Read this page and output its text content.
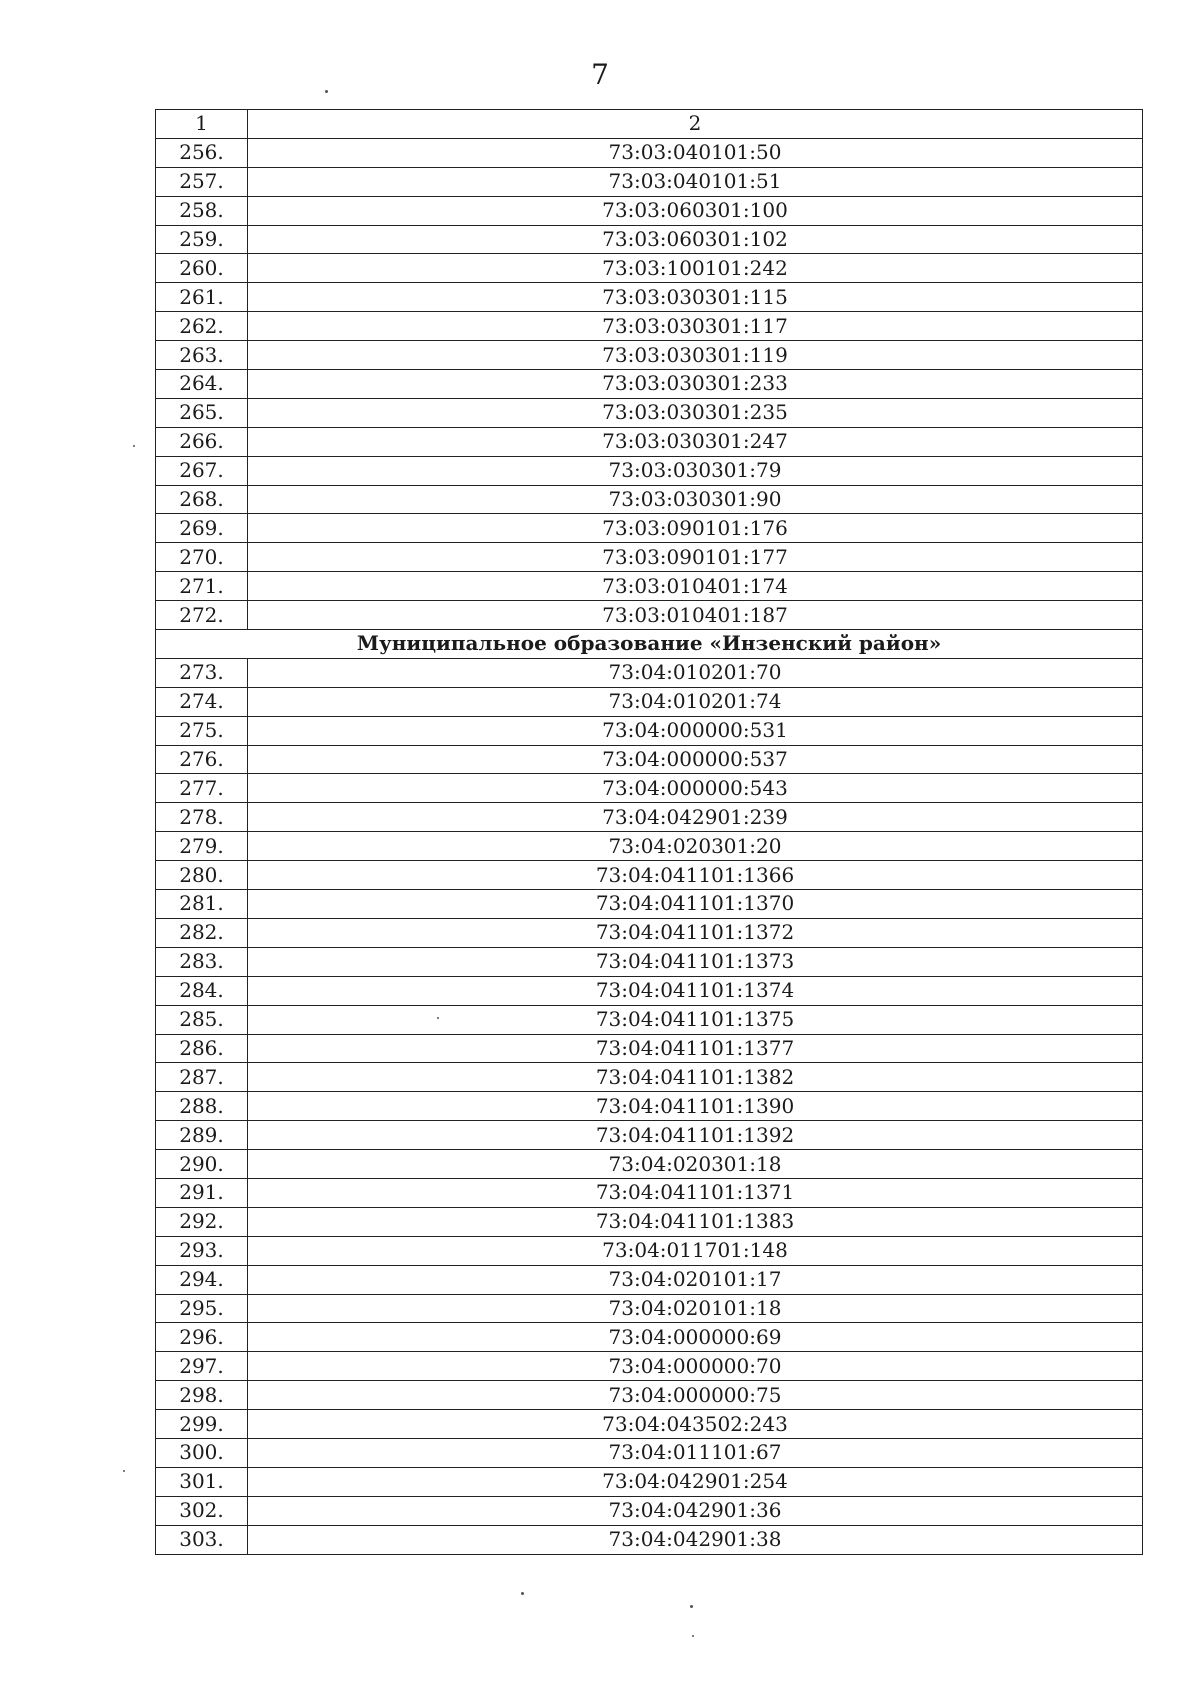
7
1	2
256.	73:03:040101:50
257.	73:03:040101:51
258.	73:03:060301:100
259.	73:03:060301:102
260.	73:03:100101:242
261.	73:03:030301:115
262.	73:03:030301:117
263.	73:03:030301:119
264.	73:03:030301:233
265.	73:03:030301:235
266.	73:03:030301:247
267.	73:03:030301:79
268.	73:03:030301:90
269.	73:03:090101:176
270.	73:03:090101:177
271.	73:03:010401:174
272.	73:03:010401:187
Муниципальное образование «Инзенский район»	
273.	73:04:010201:70
274.	73:04:010201:74
275.	73:04:000000:531
276.	73:04:000000:537
277.	73:04:000000:543
278.	73:04:042901:239
279.	73:04:020301:20
280.	73:04:041101:1366
281.	73:04:041101:1370
282.	73:04:041101:1372
283.	73:04:041101:1373
284.	73:04:041101:1374
285.	73:04:041101:1375
286.	73:04:041101:1377
287.	73:04:041101:1382
288.	73:04:041101:1390
289.	73:04:041101:1392
290.	73:04:020301:18
291.	73:04:041101:1371
292.	73:04:041101:1383
293.	73:04:011701:148
294.	73:04:020101:17
295.	73:04:020101:18
296.	73:04:000000:69
297.	73:04:000000:70
298.	73:04:000000:75
299.	73:04:043502:243
300.	73:04:011101:67
301.	73:04:042901:254
302.	73:04:042901:36
303.	73:04:042901:38
